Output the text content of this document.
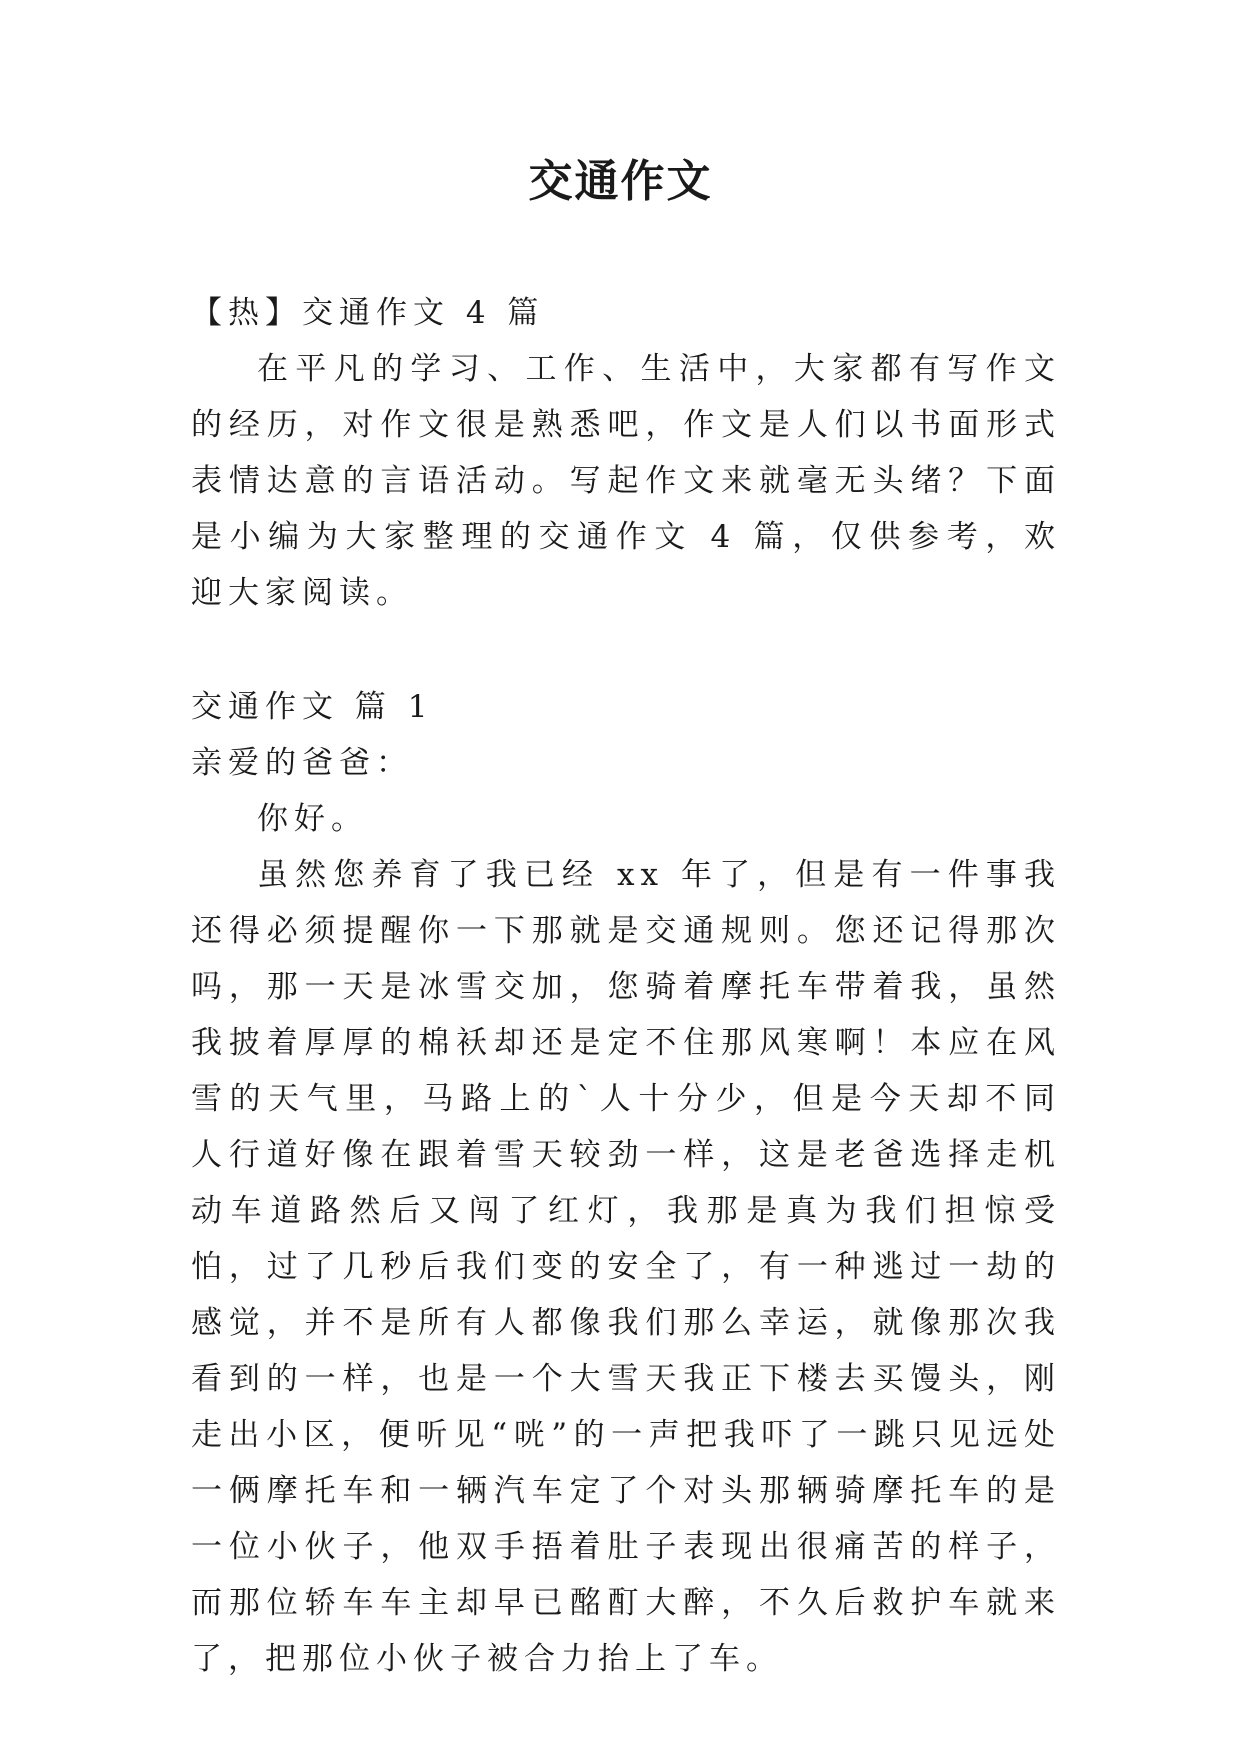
交通作文

【热】交通作文 4 篇

在平凡的学习、工作、生活中，大家都有写作文的经历，对作文很是熟悉吧，作文是人们以书面形式表情达意的言语活动。写起作文来就毫无头绪？下面是小编为大家整理的交通作文 4 篇，仅供参考，欢迎大家阅读。

交通作文 篇 1

亲爱的爸爸：

你好。

虽然您养育了我已经 xx 年了，但是有一件事我还得必须提醒你一下那就是交通规则。您还记得那次吗，那一天是冰雪交加，您骑着摩托车带着我，虽然我披着厚厚的棉袄却还是定不住那风寒啊！本应在风雪的天气里，马路上的`人十分少，但是今天却不同人行道好像在跟着雪天较劲一样，这是老爸选择走机动车道路然后又闯了红灯，我那是真为我们担惊受怕，过了几秒后我们变的安全了，有一种逃过一劫的感觉，并不是所有人都像我们那么幸运，就像那次我看到的一样，也是一个大雪天我正下楼去买馒头，刚走出小区，便听见“咣”的一声把我吓了一跳只见远处一俩摩托车和一辆汽车定了个对头那辆骑摩托车的是一位小伙子，他双手捂着肚子表现出很痛苦的样子，而那位轿车车主却早已酩酊大醉，不久后救护车就来了，把那位小伙子被合力抬上了车。
